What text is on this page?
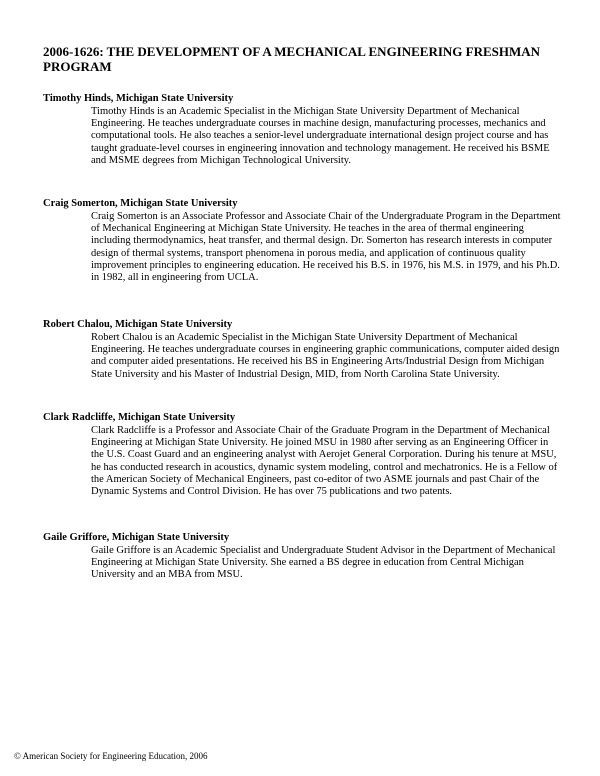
2006-1626: THE DEVELOPMENT OF A MECHANICAL ENGINEERING FRESHMAN PROGRAM

Timothy Hinds, Michigan State University

Timothy Hinds is an Academic Specialist in the Michigan State University Department of Mechanical Engineering. He teaches undergraduate courses in machine design, manufacturing processes, mechanics and computational tools. He also teaches a senior-level undergraduate international design project course and has taught graduate-level courses in engineering innovation and technology management. He received his BSME and MSME degrees from Michigan Technological University.

Craig Somerton, Michigan State University

Craig Somerton is an Associate Professor and Associate Chair of the Undergraduate Program in the Department of Mechanical Engineering at Michigan State University. He teaches in the area of thermal engineering including thermodynamics, heat transfer, and thermal design. Dr. Somerton has research interests in computer design of thermal systems, transport phenomena in porous media, and application of continuous quality improvement principles to engineering education. He received his B.S. in 1976, his M.S. in 1979, and his Ph.D. in 1982, all in engineering from UCLA.

Robert Chalou, Michigan State University

Robert Chalou is an Academic Specialist in the Michigan State University Department of Mechanical Engineering. He teaches undergraduate courses in engineering graphic communications, computer aided design and computer aided presentations. He received his BS in Engineering Arts/Industrial Design from Michigan State University and his Master of Industrial Design, MID, from North Carolina State University.

Clark Radcliffe, Michigan State University

Clark Radcliffe is a Professor and Associate Chair of the Graduate Program in the Department of Mechanical Engineering at Michigan State University. He joined MSU in 1980 after serving as an Engineering Officer in the U.S. Coast Guard and an engineering analyst with Aerojet General Corporation. During his tenure at MSU, he has conducted research in acoustics, dynamic system modeling, control and mechatronics. He is a Fellow of the American Society of Mechanical Engineers, past co-editor of two ASME journals and past Chair of the Dynamic Systems and Control Division. He has over 75 publications and two patents.

Gaile Griffore, Michigan State University

Gaile Griffore is an Academic Specialist and Undergraduate Student Advisor in the Department of Mechanical Engineering at Michigan State University. She earned a BS degree in education from Central Michigan University and an MBA from MSU.

© American Society for Engineering Education, 2006
